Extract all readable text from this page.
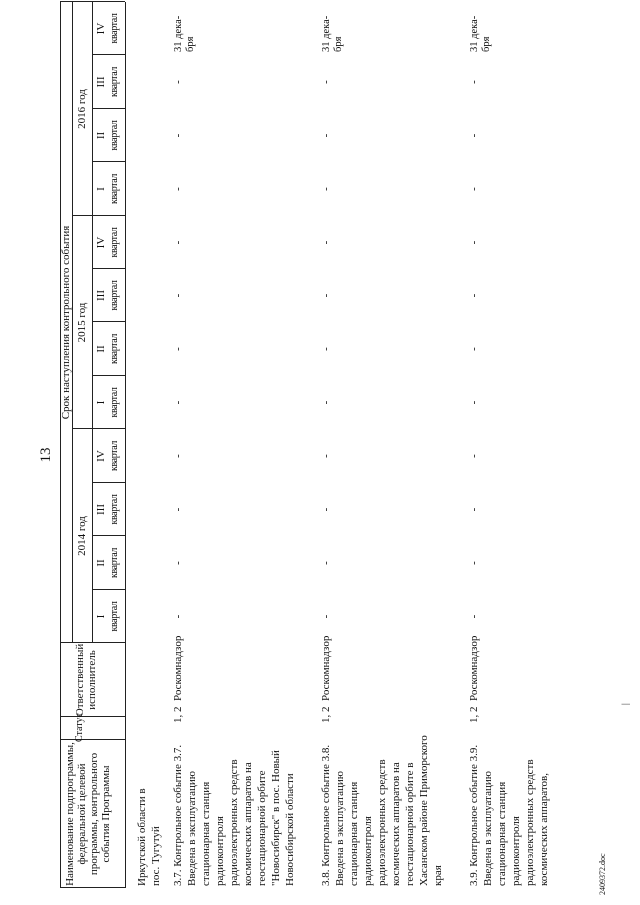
13
Наименование подпрограммы, федеральной целевой программы, контрольного события Программы
Статус
Ответственный исполнитель
Срок наступления контрольного события
2014 год
2015 год
2016 год
I квартал
II квартал
III квартал
IV квартал
I квартал
II квартал
III квартал
IV квартал
I квартал
II квартал
III квартал
IV квартал
Иркутской области в пос. Тугутуй 3.7. Контрольное событие 3.7. Введена в эксплуатацию стационарная станция радиоконтроля радиоэлектронных средств космических аппаратов на геостационарной орбите "Новосибирск" в пос. Новый Новосибирской области
1, 2
Роскомнадзор
-
-
-
-
-
-
-
-
-
-
-
31 дека- бря
3.8. Контрольное событие 3.8. Введена в эксплуатацию стационарная станция радиоконтроля радиоэлектронных средств космических аппаратов на геостационарной орбите в Хасанском районе Приморского края
1, 2
Роскомнадзор
-
-
-
-
-
-
-
-
-
-
-
31 дека- бря
3.9. Контрольное событие 3.9. Введена в эксплуатацию стационарная станция радиоконтроля радиоэлектронных средств космических аппаратов,
1, 2
Роскомнадзор
-
-
-
-
-
-
-
-
-
-
-
31 дека- бря
2409372.doc
|
